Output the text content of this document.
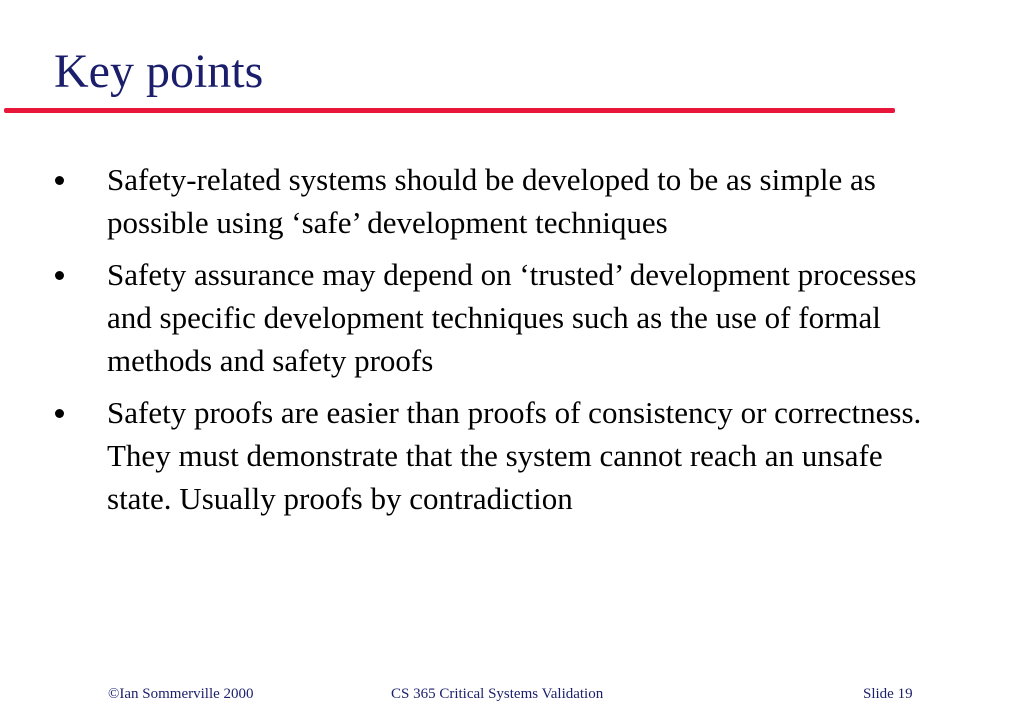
Key points
Safety-related systems should be developed to be as simple as possible using ‘safe’ development techniques
Safety assurance may depend on ‘trusted’ development processes and specific development techniques such as the use of formal methods and safety proofs
Safety proofs are easier than proofs of consistency or correctness. They must demonstrate that the system cannot reach an unsafe state. Usually proofs by contradiction
©Ian Sommerville 2000	CS 365 Critical Systems Validation	Slide 19
